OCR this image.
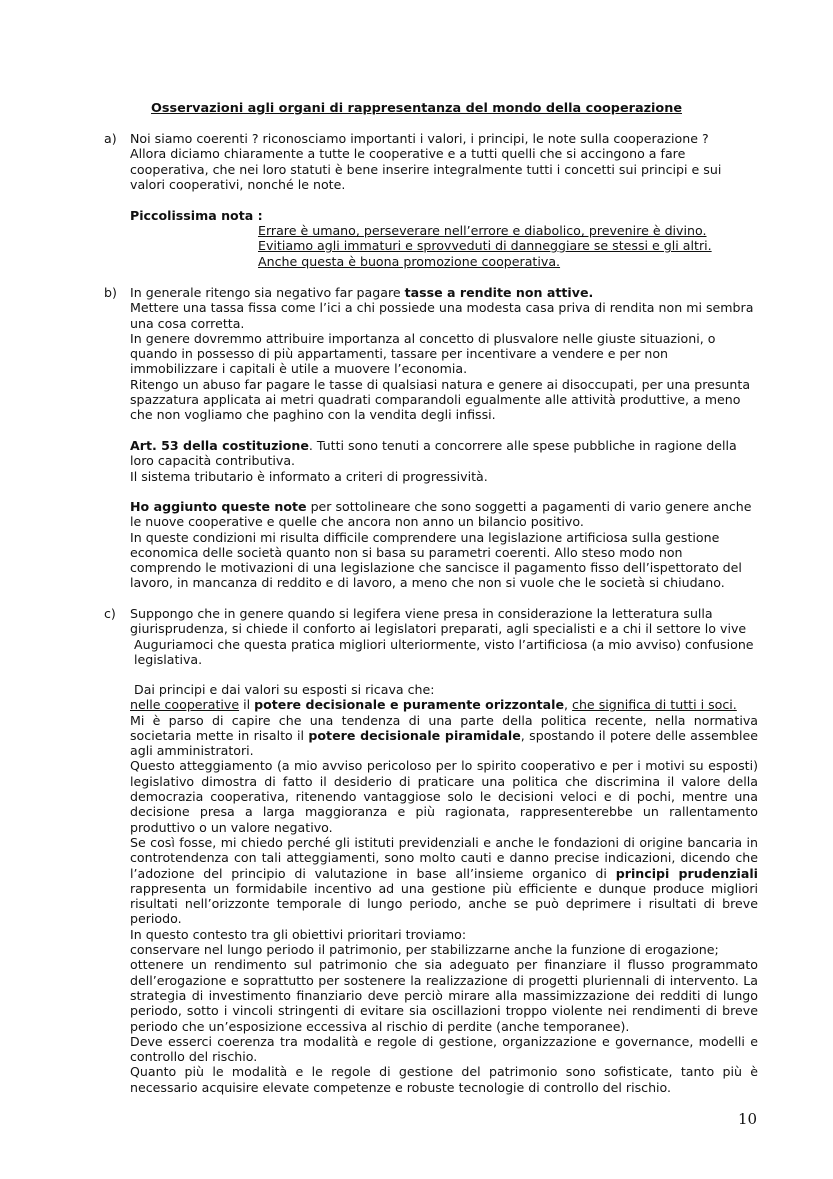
Osservazioni agli organi di rappresentanza del mondo della cooperazione
a) Noi siamo coerenti ? riconosciamo importanti i valori, i principi, le note sulla cooperazione ?

Allora diciamo chiaramente a tutte le cooperative e a tutti quelli che si accingono a fare

cooperativa, che nei loro statuti è bene inserire integralmente tutti i concetti sui principi e sui

valori cooperativi, nonché le note.

Piccolissima nota :

Errare è umano, perseverare nell’errore e diabolico, prevenire è divino.

Evitiamo agli immaturi e sprovveduti di danneggiare se stessi e gli altri.

Anche questa è buona promozione cooperativa.

b) In generale ritengo sia negativo far pagare tasse a rendite non attive.

Mettere una tassa fissa come l’ici a chi possiede una modesta casa priva di rendita non mi sembra

una cosa corretta.

In genere dovremmo attribuire importanza al concetto di plusvalore nelle giuste situazioni, o

quando in possesso di più appartamenti, tassare per incentivare a vendere e per non

immobilizzare i capitali è utile a muovere l’economia.

Ritengo un abuso far pagare le tasse di qualsiasi natura e genere ai disoccupati, per una presunta

spazzatura applicata ai metri quadrati comparandoli egualmente alle attività produttive, a meno

che non vogliamo che paghino con la vendita degli infissi.

Art. 53 della costituzione. Tutti sono tenuti a concorrere alle spese pubbliche in ragione della

loro capacità contributiva.

Il sistema tributario è informato a criteri di progressività.

Ho aggiunto queste note per sottolineare che sono soggetti a pagamenti di vario genere anche

le nuove cooperative e quelle che ancora non anno un bilancio positivo.

In queste condizioni mi risulta difficile comprendere una legislazione artificiosa sulla gestione

economica delle società quanto non si basa su parametri coerenti. Allo steso modo non

comprendo le motivazioni di una legislazione che sancisce il pagamento fisso dell’ispettorato del

lavoro, in mancanza di reddito e di lavoro, a meno che non si vuole che le società si chiudano.

c) Suppongo che in genere quando si legifera viene presa in considerazione la letteratura sulla

giurisprudenza, si chiede il conforto ai legislatori preparati, agli specialisti e a chi il settore lo vive

Auguriamoci che questa pratica migliori ulteriormente, visto l’artificiosa (a mio avviso) confusione

legislativa.

Dai principi e dai valori su esposti si ricava che:

nelle cooperative il potere decisionale e puramente orizzontale, che significa di tutti i soci.

Mi è parso di capire che una tendenza di una parte della politica recente, nella normativa societaria mette in risalto il potere decisionale piramidale, spostando il potere delle assemblee agli amministratori.

Questo atteggiamento (a mio avviso pericoloso per lo spirito cooperativo e per i motivi su esposti) legislativo dimostra di fatto il desiderio di praticare una politica che discrimina il valore della democrazia cooperativa, ritenendo vantaggiose solo le decisioni veloci e di pochi, mentre una decisione presa a larga maggioranza e più ragionata, rappresenterebbe un rallentamento produttivo o un valore negativo.

Se così fosse, mi chiedo perché gli istituti previdenziali e anche le fondazioni di origine bancaria in controtendenza con tali atteggiamenti, sono molto cauti e danno precise indicazioni, dicendo che l’adozione del principio di valutazione in base all’insieme organico di principi prudenziali rappresenta un formidabile incentivo ad una gestione più efficiente e dunque produce migliori risultati nell’orizzonte temporale di lungo periodo, anche se può deprimere i risultati di breve periodo.

In questo contesto tra gli obiettivi prioritari troviamo:

conservare nel lungo periodo il patrimonio, per stabilizzarne anche la funzione di erogazione;

ottenere un rendimento sul patrimonio che sia adeguato per finanziare il flusso programmato dell’erogazione e soprattutto per sostenere la realizzazione di progetti pluriennali di intervento. La strategia di investimento finanziario deve perciò mirare alla massimizzazione dei redditi di lungo periodo, sotto i vincoli stringenti di evitare sia oscillazioni troppo violente nei rendimenti di breve periodo che un’esposizione eccessiva al rischio di perdite (anche temporanee).

Deve esserci coerenza tra modalità e regole di gestione, organizzazione e governance, modelli e controllo del rischio.

Quanto più le modalità e le regole di gestione del patrimonio sono sofisticate, tanto più è necessario acquisire elevate competenze e robuste tecnologie di controllo del rischio.

10
